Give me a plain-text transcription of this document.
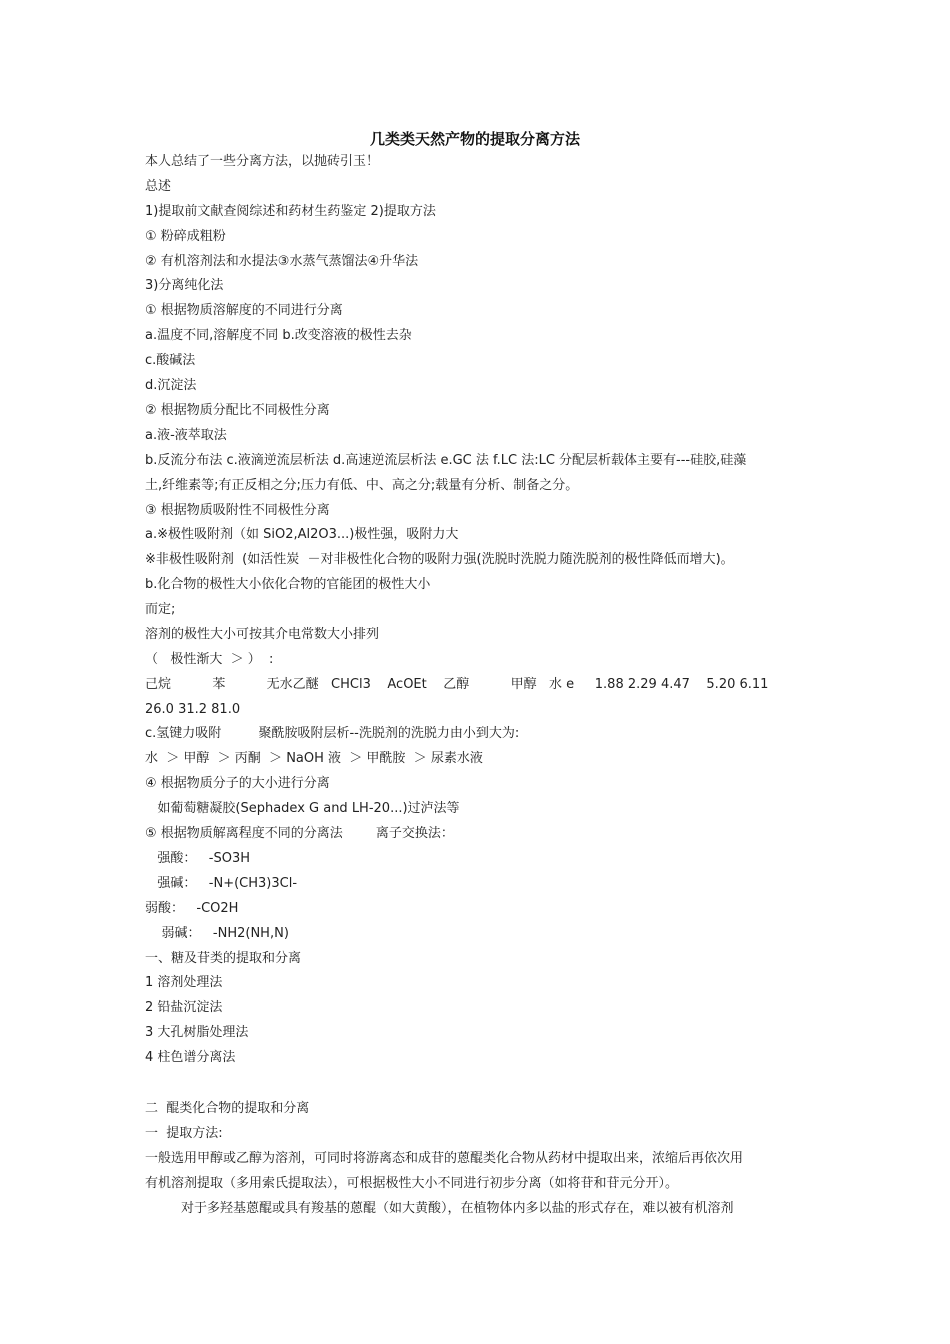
几类类天然产物的提取分离方法
本人总结了一些分离方法，以抛砖引玉！
总述
1)提取前文献查阅综述和药材生药鉴定 2)提取方法
① 粉碎成粗粉
② 有机溶剂法和水提法③水蒸气蒸馏法④升华法
3)分离纯化法
① 根据物质溶解度的不同进行分离
a.温度不同,溶解度不同 b.改变溶液的极性去杂
c.酸碱法
d.沉淀法
② 根据物质分配比不同极性分离
a.液-液萃取法
b.反流分布法 c.液滴逆流层析法 d.高速逆流层析法 e.GC 法 f.LC 法:LC 分配层析载体主要有---硅胶,硅藻
土,纤维素等;有正反相之分;压力有低、中、高之分;载量有分析、制备之分。
③ 根据物质吸附性不同极性分离
a.※极性吸附剂（如 SiO2,Al2O3...)极性强，吸附力大
※非极性吸附剂  (如活性炭  －对非极性化合物的吸附力强(洗脱时洗脱力随洗脱剂的极性降低而增大)。
b.化合物的极性大小依化合物的官能团的极性大小
而定;
溶剂的极性大小可按其介电常数大小排列
（   极性渐大  ＞ ）  :
己烷          苯          无水乙醚   CHCl3    AcOEt    乙醇          甲醇   水 e     1.88 2.29 4.47    5.20 6.11
26.0 31.2 81.0
c.氢键力吸附         聚酰胺吸附层析--洗脱剂的洗脱力由小到大为:
水  ＞ 甲醇  ＞ 丙酮  ＞ NaOH 液  ＞ 甲酰胺  ＞ 尿素水液
④ 根据物质分子的大小进行分离
如葡萄糖凝胶(Sephadex G and LH-20...)过泸法等
⑤ 根据物质解离程度不同的分离法        离子交换法：
强酸：   -SO3H
强碱：   -N+(CH3)3Cl-
弱酸：   -CO2H
弱碱：   -NH2(NH,N)
一、糖及苷类的提取和分离
1 溶剂处理法
2 铅盐沉淀法
3 大孔树脂处理法
4 柱色谱分离法
二  醌类化合物的提取和分离
一  提取方法:
一般选用甲醇或乙醇为溶剂，可同时将游离态和成苷的蒽醌类化合物从药材中提取出来，浓缩后再依次用
有机溶剂提取（多用索氏提取法），可根据极性大小不同进行初步分离（如将苷和苷元分开）。
对于多羟基蒽醌或具有羧基的蒽醌（如大黄酸），在植物体内多以盐的形式存在，难以被有机溶剂
